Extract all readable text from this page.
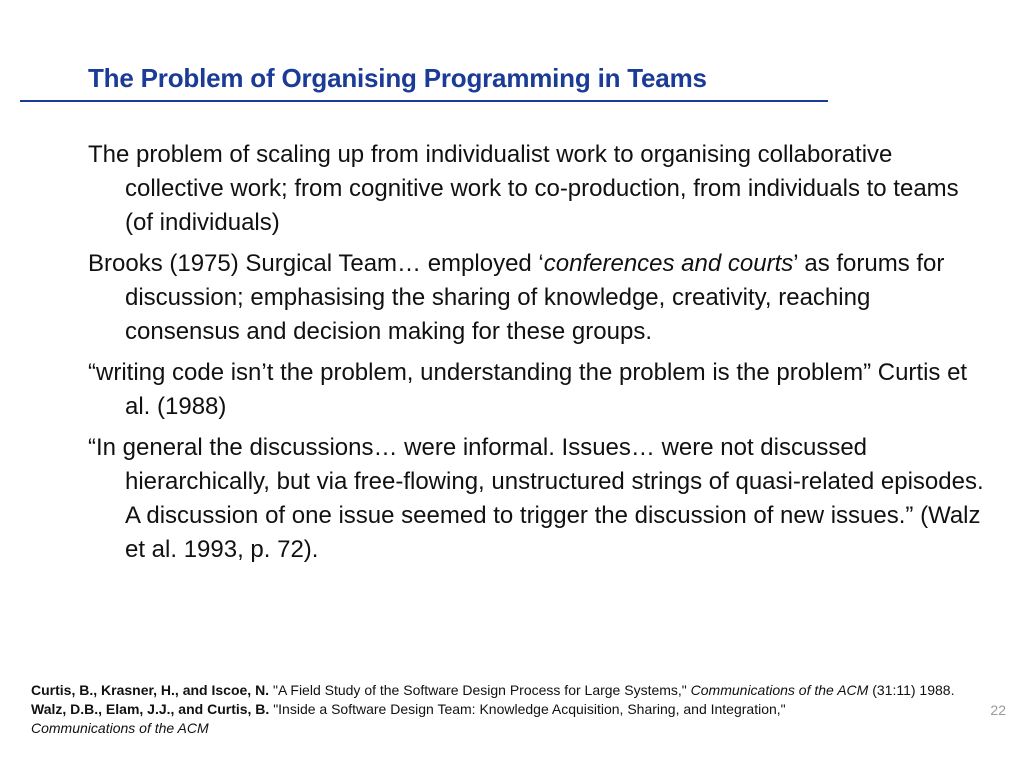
The Problem of Organising Programming in Teams
The problem of scaling up from individualist work to organising collaborative collective work; from cognitive work to co-production, from individuals to teams (of individuals)
Brooks (1975) Surgical Team… employed ‘conferences and courts’ as forums for discussion; emphasising the sharing of knowledge, creativity, reaching consensus and decision making for these groups.
“writing code isn’t the problem, understanding the problem is the problem” Curtis et al. (1988)
“In general the discussions… were informal. Issues… were not discussed hierarchically, but via free-flowing, unstructured strings of quasi-related episodes. A discussion of one issue seemed to trigger the discussion of new issues.” (Walz et al. 1993, p. 72).

Curtis, B., Krasner, H., and Iscoe, N. "A Field Study of the Software Design Process for Large Systems," Communications of the ACM (31:11) 1988.

Walz, D.B., Elam, J.J., and Curtis, B. "Inside a Software Design Team: Knowledge Acquisition, Sharing, and Integration,"
Communications of the ACM

22
